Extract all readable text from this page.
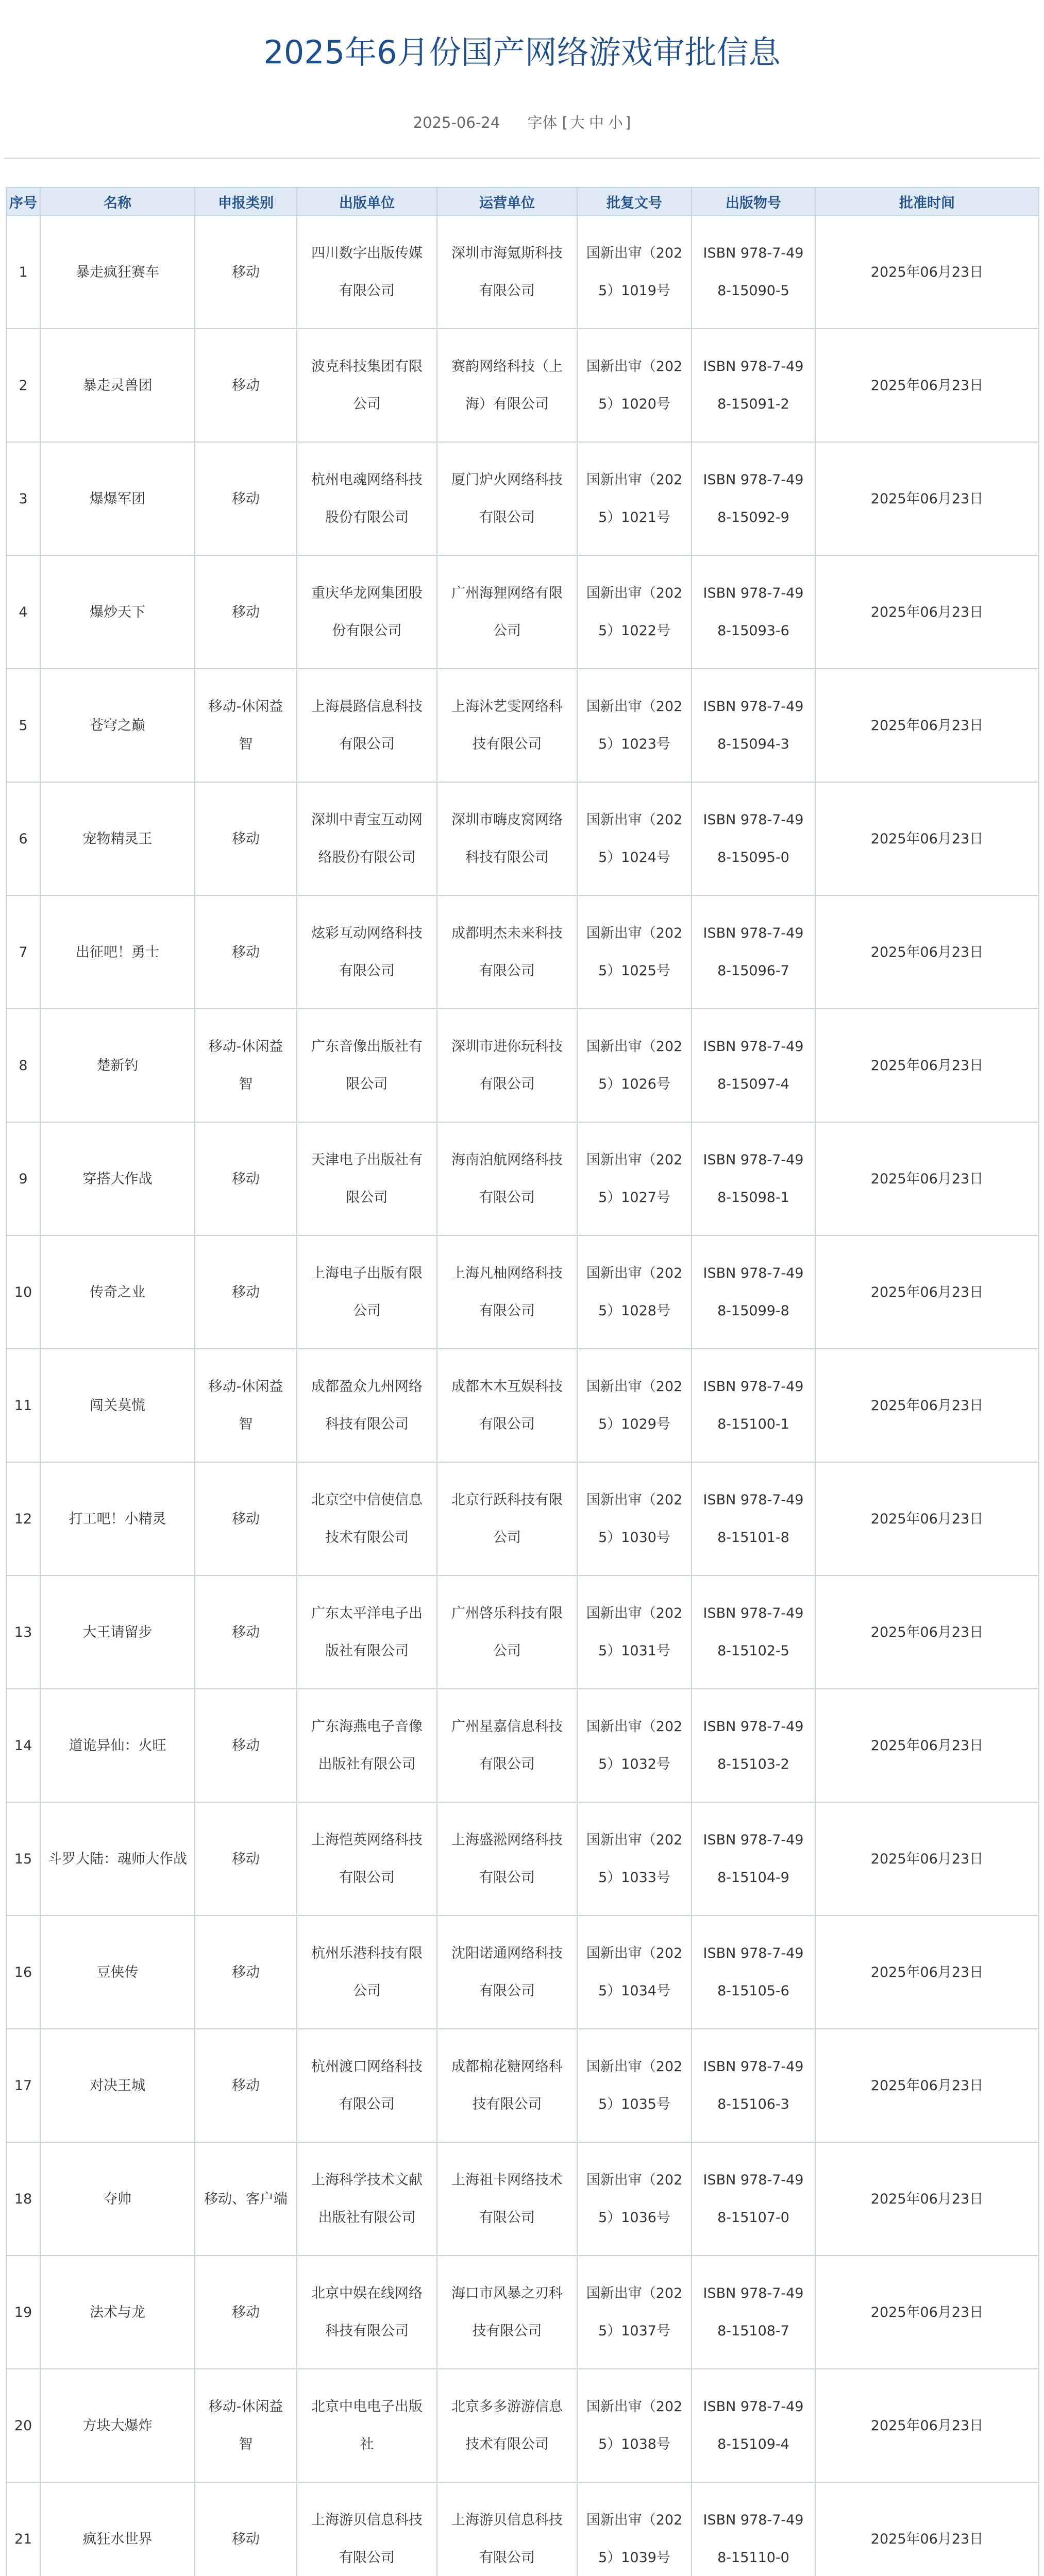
2025年6月份国产网络游戏审批信息
2025-06-24 字体 [ 大 中 小 ]
序号	名称	申报类别	出版单位	运营单位	批复文号	出版物号	批准时间
1	暴走疯狂赛车	移动	四川数字出版传媒有限公司	深圳市海氪斯科技有限公司	国新出审（2025）1019号	ISBN 978-7-498-15090-5	2025年06月23日
2	暴走灵兽团	移动	波克科技集团有限公司	赛韵网络科技（上海）有限公司	国新出审（2025）1020号	ISBN 978-7-498-15091-2	2025年06月23日
3	爆爆军团	移动	杭州电魂网络科技股份有限公司	厦门炉火网络科技有限公司	国新出审（2025）1021号	ISBN 978-7-498-15092-9	2025年06月23日
4	爆炒天下	移动	重庆华龙网集团股份有限公司	广州海狸网络有限公司	国新出审（2025）1022号	ISBN 978-7-498-15093-6	2025年06月23日
5	苍穹之巅	移动-休闲益智	上海晨路信息科技有限公司	上海沐艺雯网络科技有限公司	国新出审（2025）1023号	ISBN 978-7-498-15094-3	2025年06月23日
6	宠物精灵王	移动	深圳中青宝互动网络股份有限公司	深圳市嗨皮窝网络科技有限公司	国新出审（2025）1024号	ISBN 978-7-498-15095-0	2025年06月23日
7	出征吧！勇士	移动	炫彩互动网络科技有限公司	成都明杰未来科技有限公司	国新出审（2025）1025号	ISBN 978-7-498-15096-7	2025年06月23日
8	楚新钓	移动-休闲益智	广东音像出版社有限公司	深圳市进你玩科技有限公司	国新出审（2025）1026号	ISBN 978-7-498-15097-4	2025年06月23日
9	穿搭大作战	移动	天津电子出版社有限公司	海南泊航网络科技有限公司	国新出审（2025）1027号	ISBN 978-7-498-15098-1	2025年06月23日
10	传奇之业	移动	上海电子出版有限公司	上海凡柚网络科技有限公司	国新出审（2025）1028号	ISBN 978-7-498-15099-8	2025年06月23日
11	闯关莫慌	移动-休闲益智	成都盈众九州网络科技有限公司	成都木木互娱科技有限公司	国新出审（2025）1029号	ISBN 978-7-498-15100-1	2025年06月23日
12	打工吧！小精灵	移动	北京空中信使信息技术有限公司	北京行跃科技有限公司	国新出审（2025）1030号	ISBN 978-7-498-15101-8	2025年06月23日
13	大王请留步	移动	广东太平洋电子出版社有限公司	广州啓乐科技有限公司	国新出审（2025）1031号	ISBN 978-7-498-15102-5	2025年06月23日
14	道诡异仙：火旺	移动	广东海燕电子音像出版社有限公司	广州星嘉信息科技有限公司	国新出审（2025）1032号	ISBN 978-7-498-15103-2	2025年06月23日
15	斗罗大陆：魂师大作战	移动	上海恺英网络科技有限公司	上海盛淞网络科技有限公司	国新出审（2025）1033号	ISBN 978-7-498-15104-9	2025年06月23日
16	豆侠传	移动	杭州乐港科技有限公司	沈阳诺通网络科技有限公司	国新出审（2025）1034号	ISBN 978-7-498-15105-6	2025年06月23日
17	对决王城	移动	杭州渡口网络科技有限公司	成都棉花糖网络科技有限公司	国新出审（2025）1035号	ISBN 978-7-498-15106-3	2025年06月23日
18	夺帅	移动、客户端	上海科学技术文献出版社有限公司	上海祖卡网络技术有限公司	国新出审（2025）1036号	ISBN 978-7-498-15107-0	2025年06月23日
19	法术与龙	移动	北京中娱在线网络科技有限公司	海口市风暴之刃科技有限公司	国新出审（2025）1037号	ISBN 978-7-498-15108-7	2025年06月23日
20	方块大爆炸	移动-休闲益智	北京中电电子出版社	北京多多游游信息技术有限公司	国新出审（2025）1038号	ISBN 978-7-498-15109-4	2025年06月23日
21	疯狂水世界	移动	上海游贝信息科技有限公司	上海游贝信息科技有限公司	国新出审（2025）1039号	ISBN 978-7-498-15110-0	2025年06月23日
